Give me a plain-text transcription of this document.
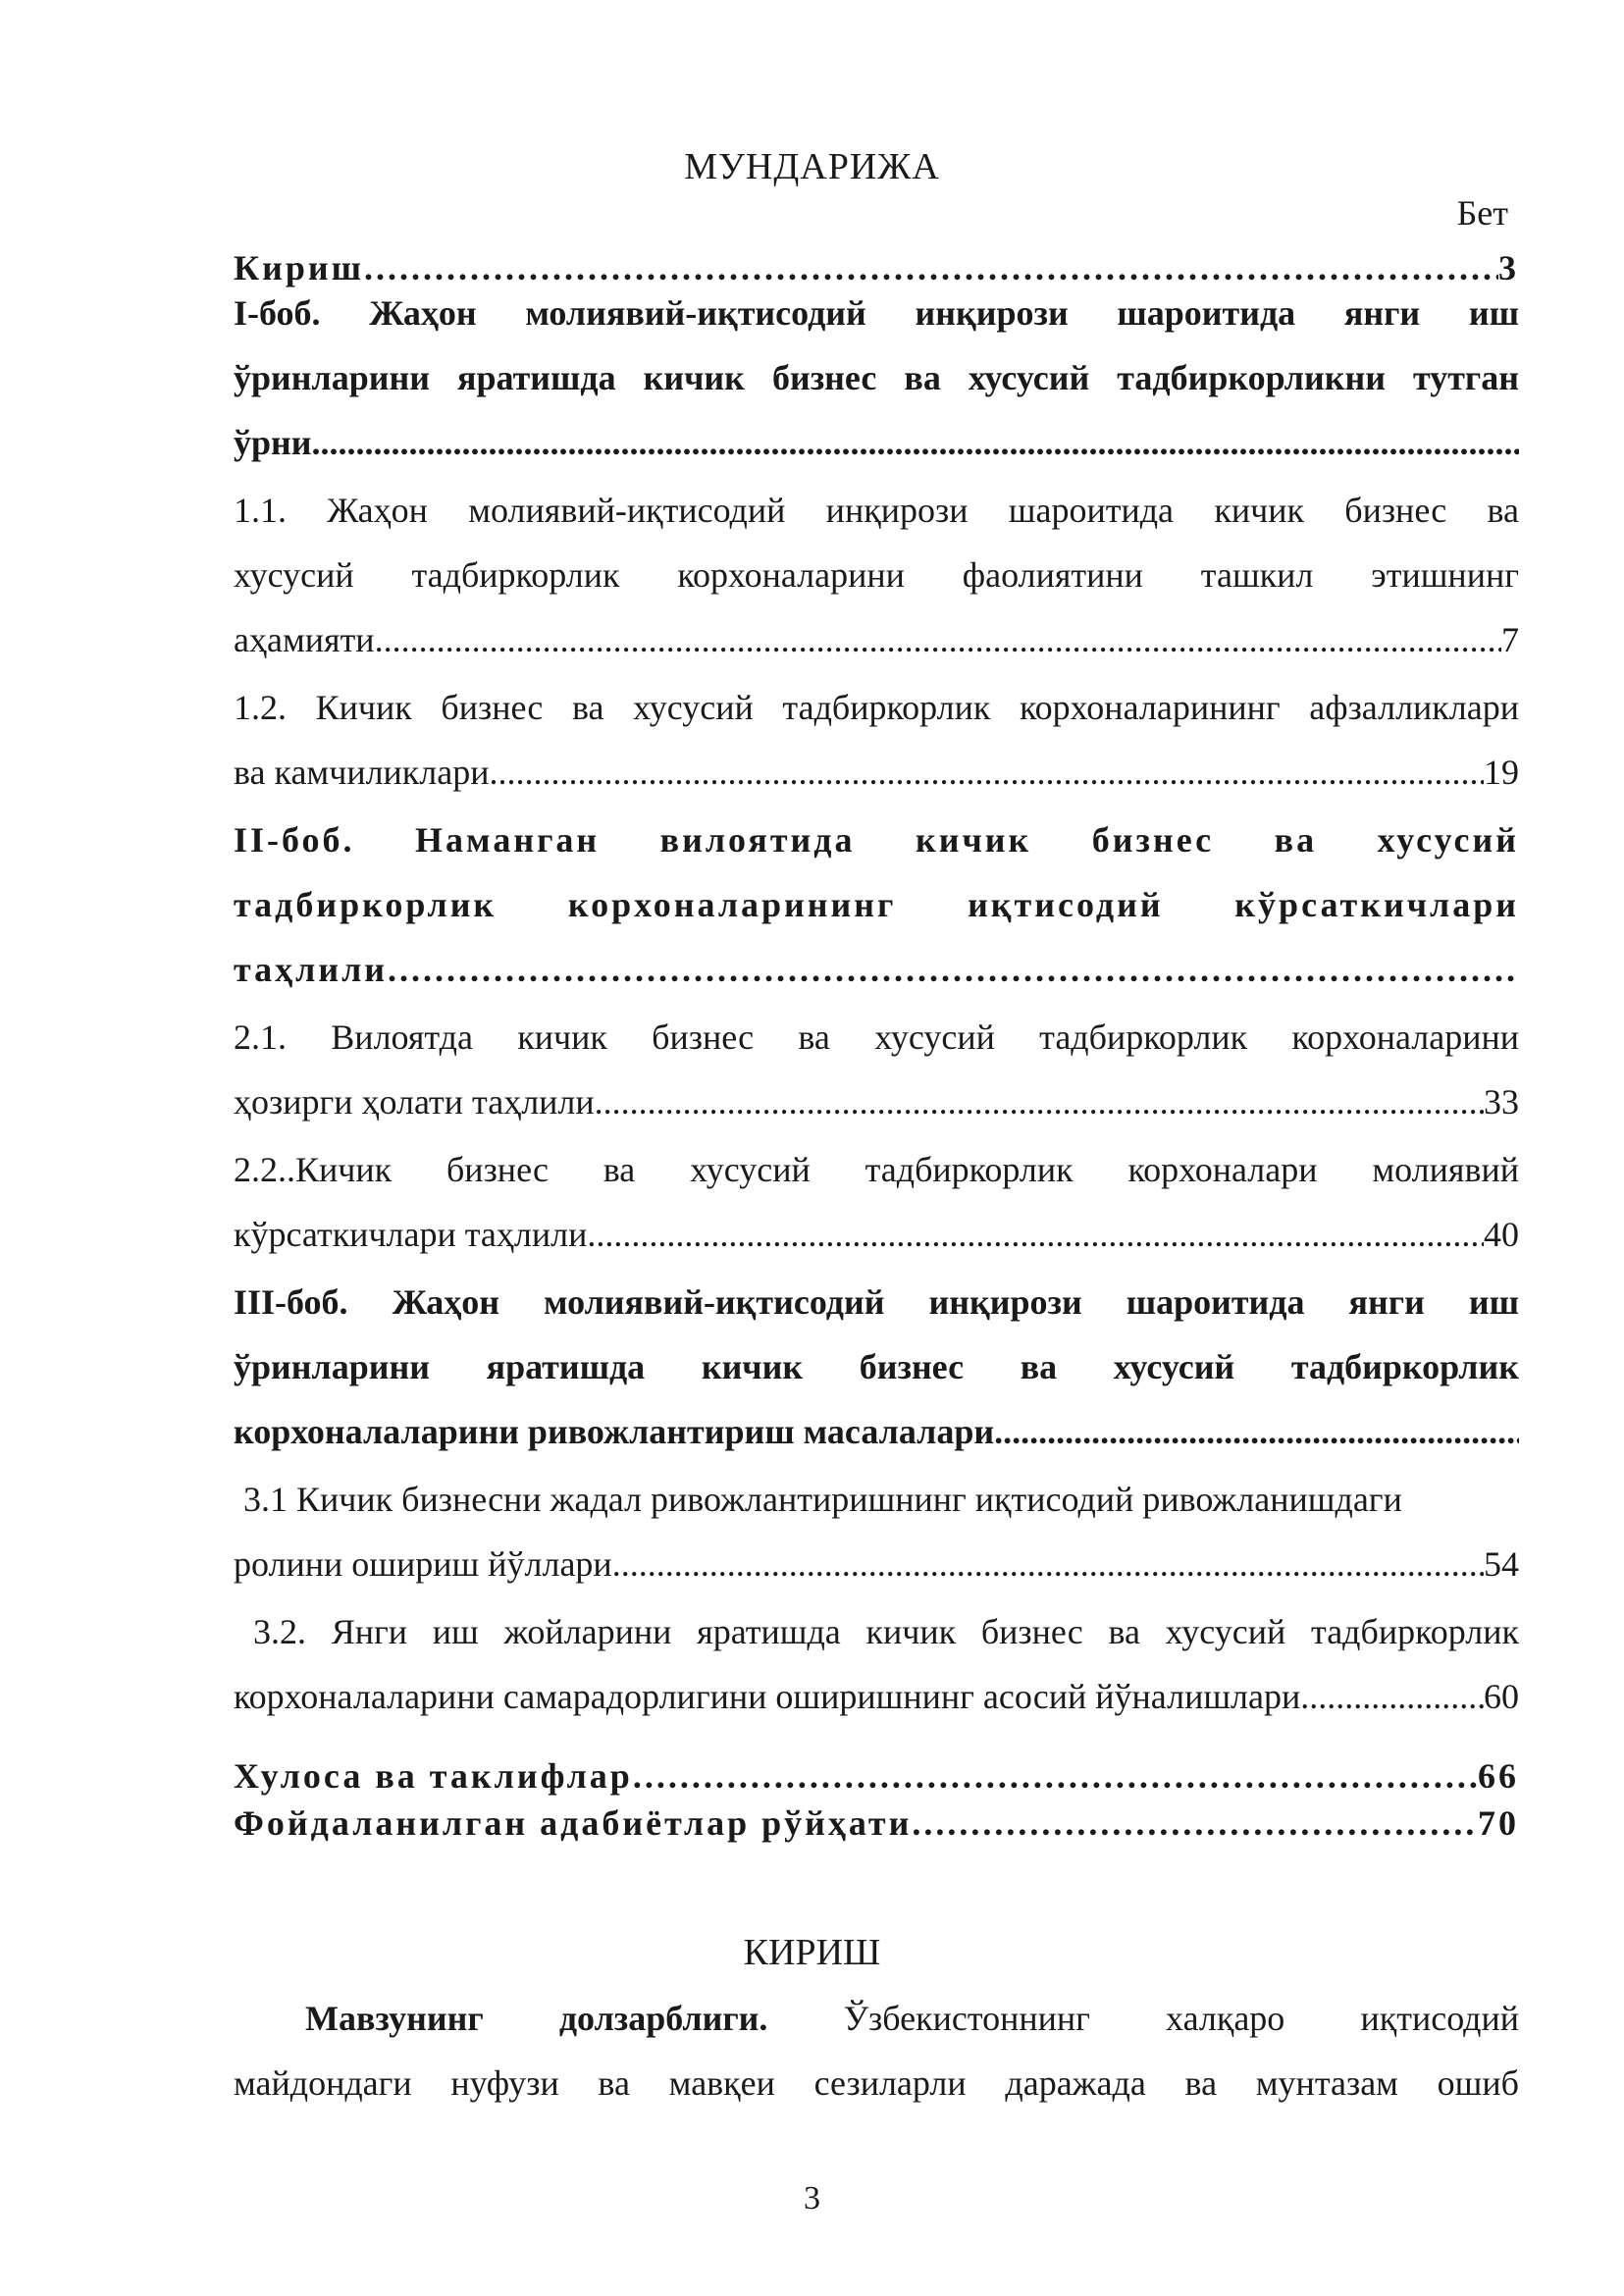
МУНДАРИЖА
Бет
Кириш .....	3
I-боб. Жаҳон молиявий-иқтисодий инқирози шароитида янги иш
ўринларини яратишда кичик бизнес ва хусусий тадбиркорликни тутган
ўрни
.....
1.1. Жаҳон молиявий-иқтисодий инқирози шароитида кичик бизнес ва
хусусий тадбиркорлик корхоналарини фаолиятини ташкил этишнинг
аҳамияти .....	7
1.2. Кичик бизнес ва хусусий тадбиркорлик корхоналарининг афзалликлари
ва камчиликлари .....	19
II-боб. Наманган вилоятида кичик бизнес ва хусусий
тадбиркорлик корхоналарининг иқтисодий кўрсаткичлари
таҳлили
.....
2.1. Вилоятда кичик бизнес ва хусусий тадбиркорлик корхоналарини
ҳозирги ҳолати таҳлили .....	33
2.2..Кичик бизнес ва хусусий тадбиркорлик корхоналари молиявий
кўрсаткичлари таҳлили .....	40
III-боб. Жаҳон молиявий-иқтисодий инқирози шароитида янги иш
ўринларини яратишда кичик бизнес ва хусусий тадбиркорлик
корхоналаларини ривожлантириш масалалари
.....
3.1 Кичик бизнесни жадал ривожлантиришнинг иқтисодий ривожланишдаги
ролини ошириш йўллари .....	54
3.2. Янги иш жойларини яратишда кичик бизнес ва хусусий тадбиркорлик
корхоналаларини самарадорлигини оширишнинг асосий йўналишлари .....	60
Хулоса ва таклифлар .....	66
Фойдаланилган адабиётлар рўйҳати .....	70
КИРИШ
Мавзунинг долзарблиги. Ўзбекистоннинг халқаро иқтисодий
майдондаги нуфузи ва мавқеи сезиларли даражада ва мунтазам ошиб
3
